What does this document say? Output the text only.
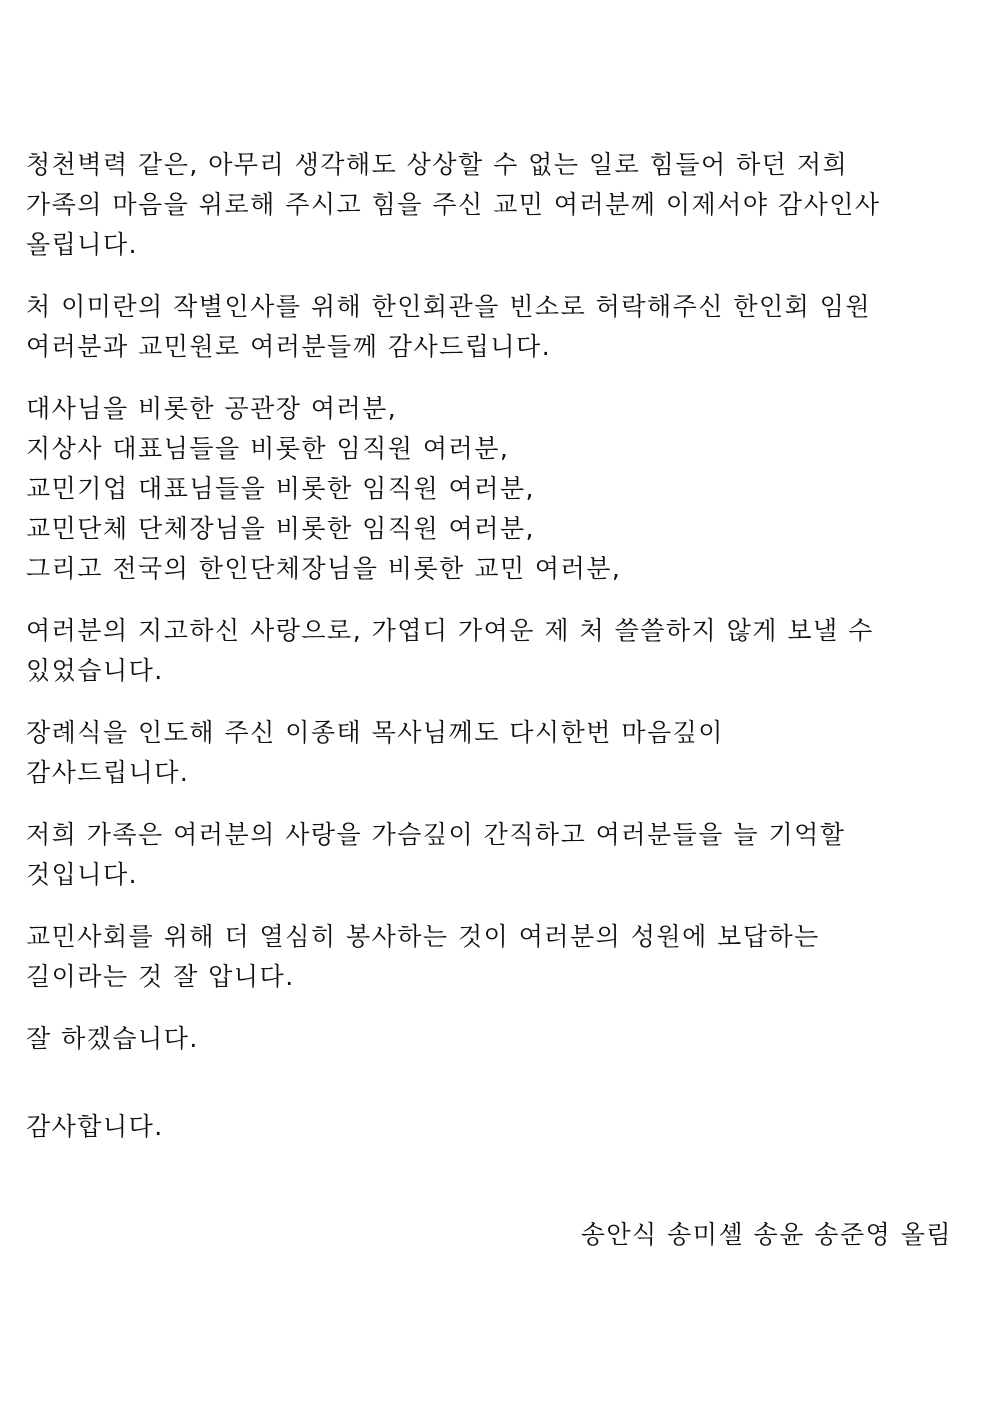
청천벽력 같은, 아무리 생각해도 상상할 수 없는 일로 힘들어 하던 저희
가족의 마음을 위로해 주시고 힘을 주신 교민 여러분께 이제서야 감사인사
올립니다.
처 이미란의 작별인사를 위해 한인회관을 빈소로 허락해주신 한인회 임원
여러분과 교민원로 여러분들께 감사드립니다.
대사님을 비롯한 공관장 여러분,
지상사 대표님들을 비롯한 임직원 여러분,
교민기업 대표님들을 비롯한 임직원 여러분,
교민단체 단체장님을 비롯한 임직원 여러분,
그리고 전국의 한인단체장님을 비롯한 교민 여러분,
여러분의 지고하신 사랑으로, 가엽디 가여운 제 처 쓸쓸하지 않게 보낼 수
있었습니다.
장례식을 인도해 주신 이종태 목사님께도 다시한번 마음깊이
감사드립니다.
저희 가족은 여러분의 사랑을 가슴깊이 간직하고 여러분들을 늘 기억할
것입니다.
교민사회를 위해 더 열심히 봉사하는 것이 여러분의 성원에 보답하는
길이라는 것 잘 압니다.
잘 하겠습니다.
감사합니다.
송안식 송미셸 송윤 송준영 올림
